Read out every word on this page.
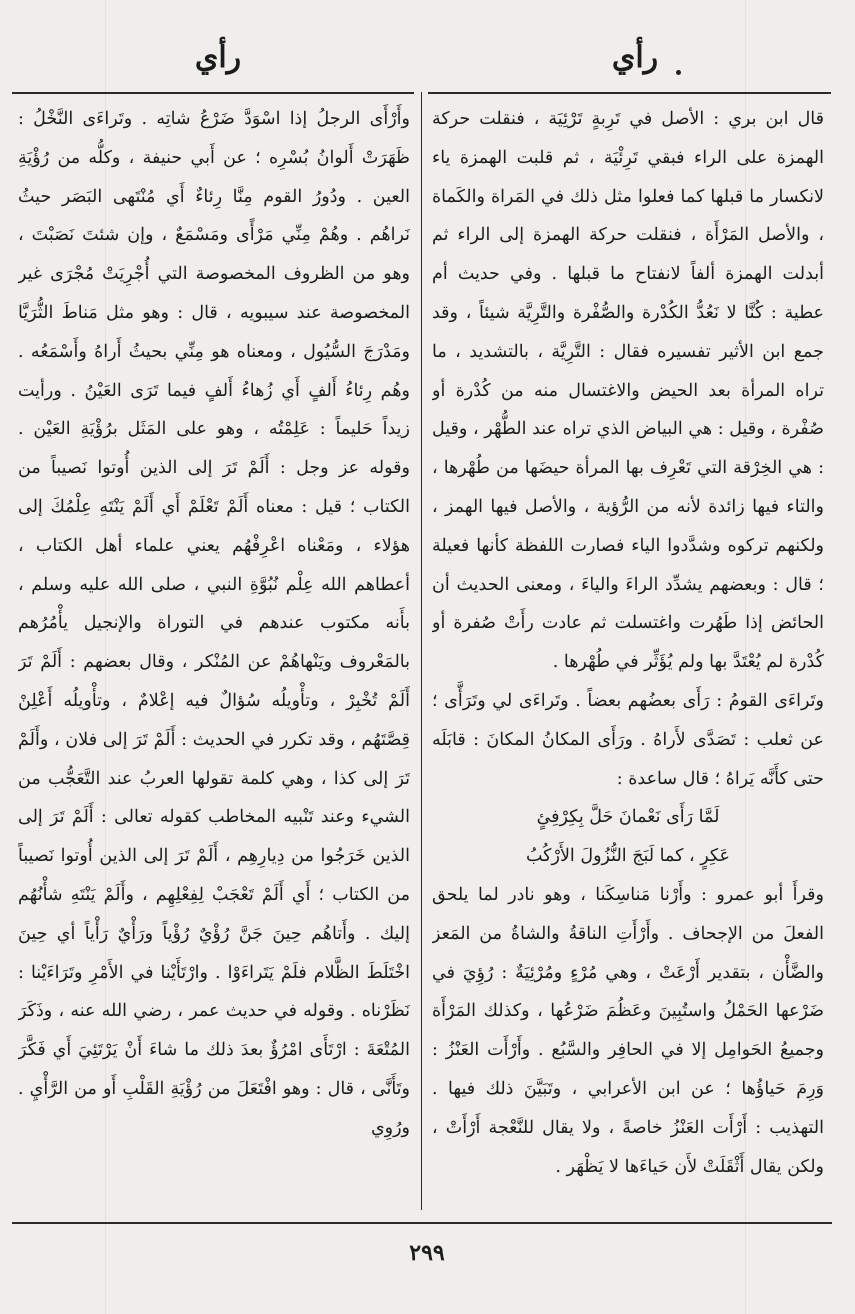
رأي
رأي

قال ابن بري : الأصل في تَرِبةٍ تَرْئِيَة ، فنقلت حركة الهمزة على الراء فبقي تَرِئْيَة ، ثم قلبت الهمزة ياء لانكسار ما قبلها كما فعلوا مثل ذلك في المَراة والكَماة ، والأصل المَرْأَة ، فنقلت حركة الهمزة إلى الراء ثم أبدلت الهمزة ألفاً لانفتاح ما قبلها . وفي حديث أم عطية : كُنَّا لا نَعُدُّ الكُدْرة والصُّفْرة والتَّرِيَّة شيئاً ، وقد جمع ابن الأثير تفسيره فقال : التَّرِيَّة ، بالتشديد ، ما تراه المرأة بعد الحيض والاغتسال منه من كُدْرة أو صُفْرة ، وقيل : هي البياض الذي تراه عند الطُّهْر ، وقيل : هي الخِرْقة التي تَعْرِف بها المرأة حيضَها من طُهْرها ، والتاء فيها زائدة لأنه من الرُّؤية ، والأصل فيها الهمز ، ولكنهم تركوه وشدَّدوا الياء فصارت اللفظة كأنها فعيلة ؛ قال : وبعضهم يشدِّد الراءَ والياءَ ، ومعنى الحديث أن الحائض إذا طَهُرت واغتسلت ثم عادت رأَتْ صُفرة أو كُدْرة لم يُعْتَدَّ بها ولم يُؤَثِّر في طُهْرها .

وتَراءَى القومُ : رَأَى بعضُهم بعضاً . وتَراءَى لي وتَرَأَّى ؛ عن ثعلب : تَصَدَّى لأَراهُ . ورَأَى المكانُ المكانَ : قابَلَه حتى كأَنَّه يَراهُ ؛ قال ساعدة :

لَمَّا رَأَى نَعْمانَ حَلَّ بِكِرْفِئٍ

عَكِرٍ ، كما لَبَجَ النُّزُولَ الأَرْكُبُ

وقرأَ أبو عمرو : وأَرْنا مَناسِكَنا ، وهو نادر لما يلحق الفعلَ من الإجحاف . وأَرْأَتِ الناقةُ والشاةُ من المَعز والضَّأْن ، بتقدير أَرْعَتْ ، وهي مُرْءٍ ومُرْئِيَةٌ : رُؤِيَ في ضَرْعها الحَمْلُ واستُبِينَ وعَظُمَ ضَرْعُها ، وكذلك المَرْأَة وجميعُ الحَوامِل إلا في الحافِر والسَّبُع . وأَرْأَت العَنْزُ : وَرِمَ حَياؤُها ؛ عن ابن الأعرابي ، وتَبَيَّنَ ذلك فيها . التهذيب : أَرْأَت العَنْزُ خاصةً ، ولا يقال للنَّعْجة أَرْأَتْ ، ولكن يقال أَثْقَلَتْ لأَن حَياءَها لا يَظْهَر .

وأَرْأَى الرجلُ إذا اسْوَدَّ ضَرْعُ شاتِه . وتَراءَى النَّخْلُ : ظَهَرَتْ أَلوانُ بُسْرِه ؛ عن أَبي حنيفة ، وكلُّه من رُؤْيَةِ العين . ودُورُ القوم مِنَّا رِئاءٌ أَي مُنْتَهى البَصَر حيثُ نَراهُم . وهُمْ مِنِّي مَرْأًى ومَسْمَعٌ ، وإن شئتَ نَصَبْتَ ، وهو من الظروف المخصوصة التي أُجْرِيَتْ مُجْرَى غير المخصوصة عند سيبويه ، قال : وهو مثل مَناطَ الثُّرَيَّا ومَدْرَجَ السُّيُول ، ومعناه هو مِنِّي بحيثُ أَراهُ وأَسْمَعُه . وهُم رِئاءُ أَلفٍ أَي زُهاءُ أَلفٍ فيما تَرَى العَيْنُ . ورأيت زيداً حَليماً : عَلِمْتُه ، وهو على المَثَل برُؤْيَةِ العَيْن . وقوله عز وجل : أَلَمْ تَرَ إلى الذين أُوتوا نَصيباً من الكتاب ؛ قيل : معناه أَلَمْ تَعْلَمْ أَي أَلَمْ يَنْتَهِ عِلْمُكَ إلى هؤلاء ، ومَعْناه اعْرِفْهُم يعني علماء أهل الكتاب ، أعطاهم الله عِلْم نُبُوَّةِ النبي ، صلى الله عليه وسلم ، بأَنه مكتوب عندهم في التوراة والإنجيل يأْمُرُهم بالمَعْروف ويَنْهاهُمْ عن المُنْكر ، وقال بعضهم : أَلَمْ تَرَ أَلَمْ تُخْبِرْ ، وتأْويلُه سُؤالٌ فيه إعْلامٌ ، وتأْويلُه أَعْلِنْ قِصَّتَهُم ، وقد تكرر في الحديث : أَلَمْ تَرَ إلى فلان ، وأَلَمْ تَرَ إلى كذا ، وهي كلمة تقولها العربُ عند التَّعَجُّب من الشيء وعند تَنْبيه المخاطب كقوله تعالى : أَلَمْ تَرَ إلى الذين خَرَجُوا من دِيارِهِم ، أَلَمْ تَرَ إلى الذين أُوتوا نَصيباً من الكتاب ؛ أَي أَلَمْ تَعْجَبْ لِفِعْلِهِم ، وأَلَمْ يَنْتَهِ شأْنُهُم إليك . وأَتاهُم حِينَ جَنَّ رُؤْيٌ رُؤْياً ورَأْيٌ رَأْياً أي حِينَ اخْتَلَطَ الظَّلام فلَمْ يَتَراءَوْا . وارْتَأَيْنا في الأَمْرِ وتَرَاءَيْنا : نَظَرْناه . وقوله في حديث عمر ، رضي الله عنه ، وذَكَرَ المُتْعَةَ : ارْتَأَى امْرُؤٌ بعدَ ذلك ما شاءَ أَنْ يَرْتَئِيَ أَي فَكَّرَ وتَأَنَّى ، قال : وهو افْتَعَلَ من رُؤْيَةِ القَلْبِ أَو من الرَّأْيِ . ورُوِي

٢٩٩
